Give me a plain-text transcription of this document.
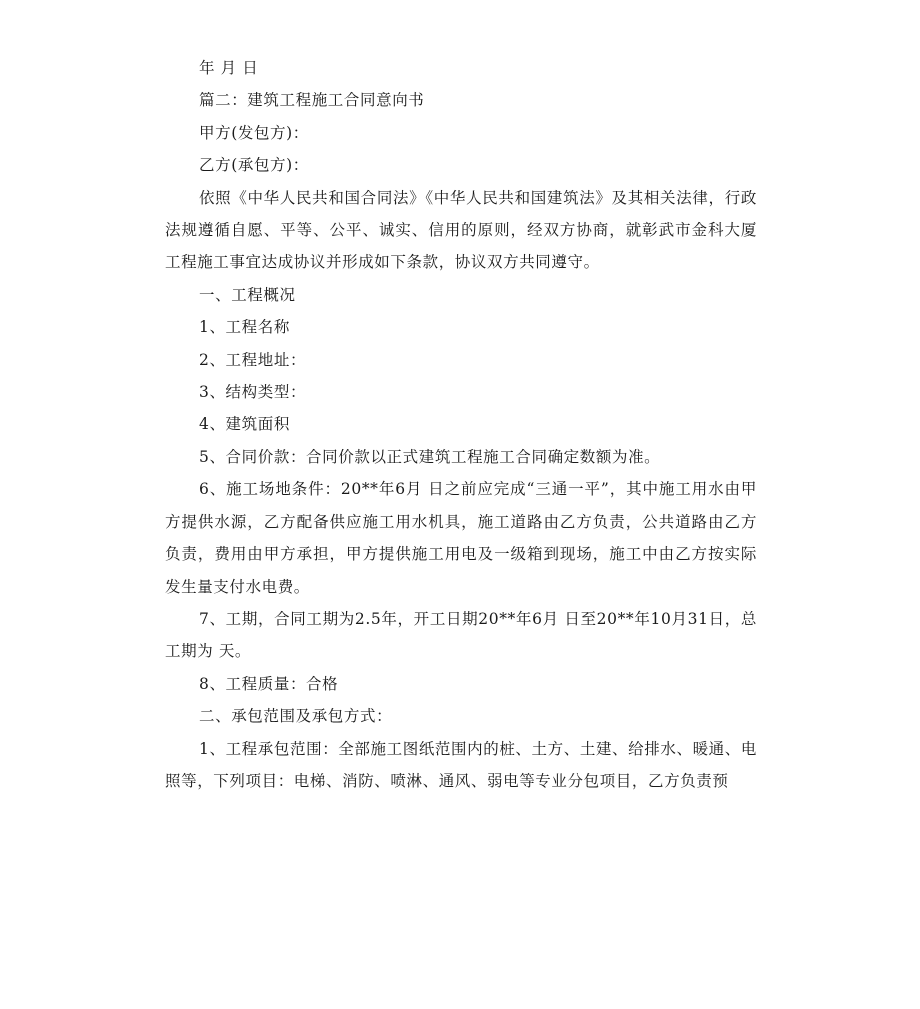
年 月 日

篇二：建筑工程施工合同意向书

甲方(发包方)：

乙方(承包方)：

依照《中华人民共和国合同法》《中华人民共和国建筑法》及其相关法律，行政法规遵循自愿、平等、公平、诚实、信用的原则，经双方协商，就彰武市金科大厦工程施工事宜达成协议并形成如下条款，协议双方共同遵守。

一、工程概况

1、工程名称

2、工程地址：

3、结构类型：

4、建筑面积

5、合同价款：合同价款以正式建筑工程施工合同确定数额为准。

6、施工场地条件：20**年6月 日之前应完成“三通一平”，其中施工用水由甲方提供水源，乙方配备供应施工用水机具，施工道路由乙方负责，公共道路由乙方负责，费用由甲方承担，甲方提供施工用电及一级箱到现场，施工中由乙方按实际发生量支付水电费。

7、工期，合同工期为2.5年，开工日期20**年6月 日至20**年10月31日，总工期为 天。

8、工程质量：合格

二、承包范围及承包方式：

1、工程承包范围：全部施工图纸范围内的桩、土方、土建、给排水、暖通、电照等，下列项目：电梯、消防、喷淋、通风、弱电等专业分包项目，乙方负责预
